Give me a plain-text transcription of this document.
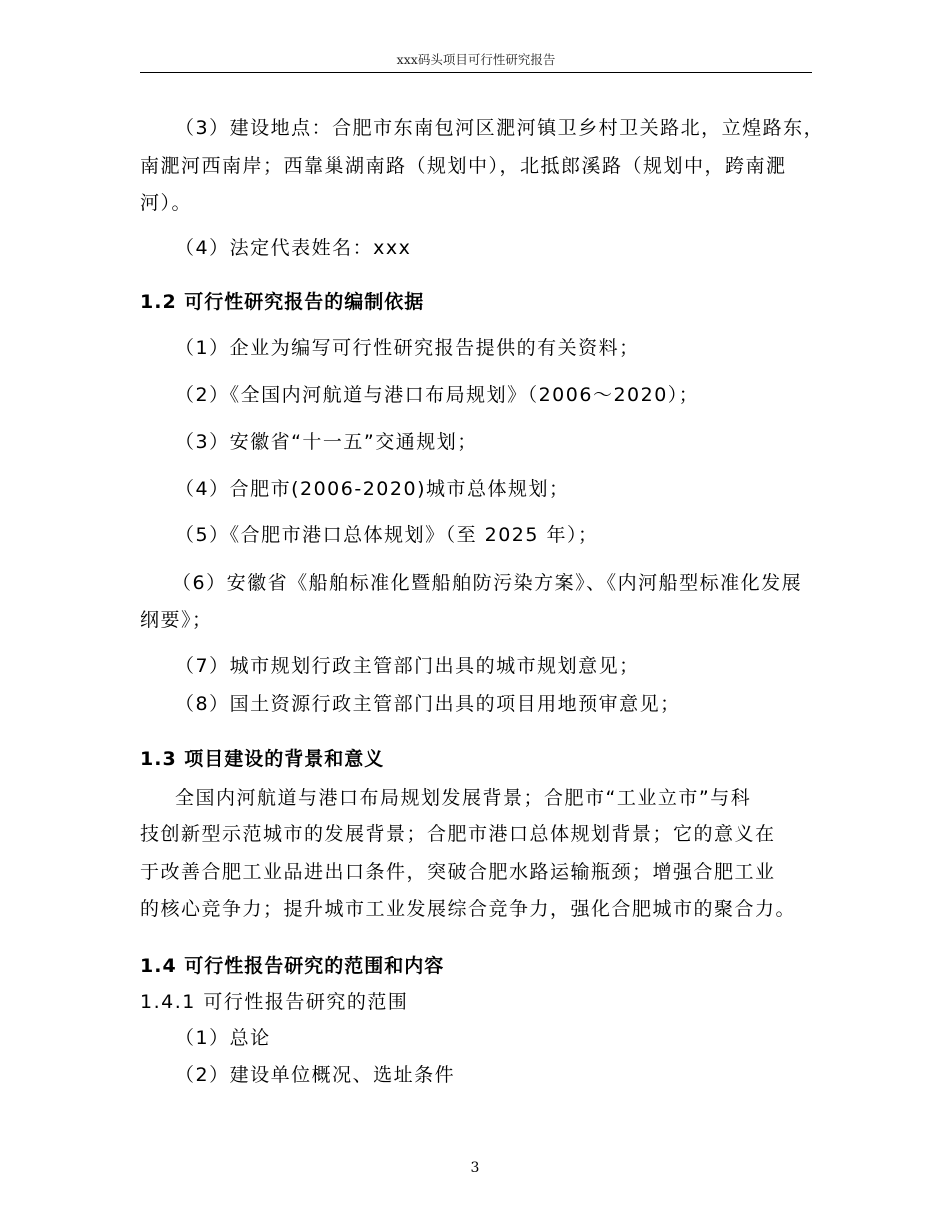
xxx码头项目可行性研究报告
（3）建设地点：合肥市东南包河区淝河镇卫乡村卫关路北，立煌路东，
南淝河西南岸；西靠巢湖南路（规划中），北抵郎溪路（规划中，跨南淝
河）。
（4）法定代表姓名：xxx
1.2 可行性研究报告的编制依据
（1）企业为编写可行性研究报告提供的有关资料；
（2）《全国内河航道与港口布局规划》（2006～2020）；
（3）安徽省“十一五”交通规划；
（4）合肥市(2006-2020)城市总体规划；
（5）《合肥市港口总体规划》（至 2025 年）；
（6）安徽省《船舶标准化暨船舶防污染方案》、《内河船型标准化发展
纲要》；
（7）城市规划行政主管部门出具的城市规划意见；
（8）国土资源行政主管部门出具的项目用地预审意见；
1.3 项目建设的背景和意义
全国内河航道与港口布局规划发展背景；合肥市“工业立市”与科
技创新型示范城市的发展背景；合肥市港口总体规划背景；它的意义在
于改善合肥工业品进出口条件，突破合肥水路运输瓶颈；增强合肥工业
的核心竞争力；提升城市工业发展综合竞争力，强化合肥城市的聚合力。
1.4 可行性报告研究的范围和内容
1.4.1 可行性报告研究的范围
（1）总论
（2）建设单位概况、选址条件
3
